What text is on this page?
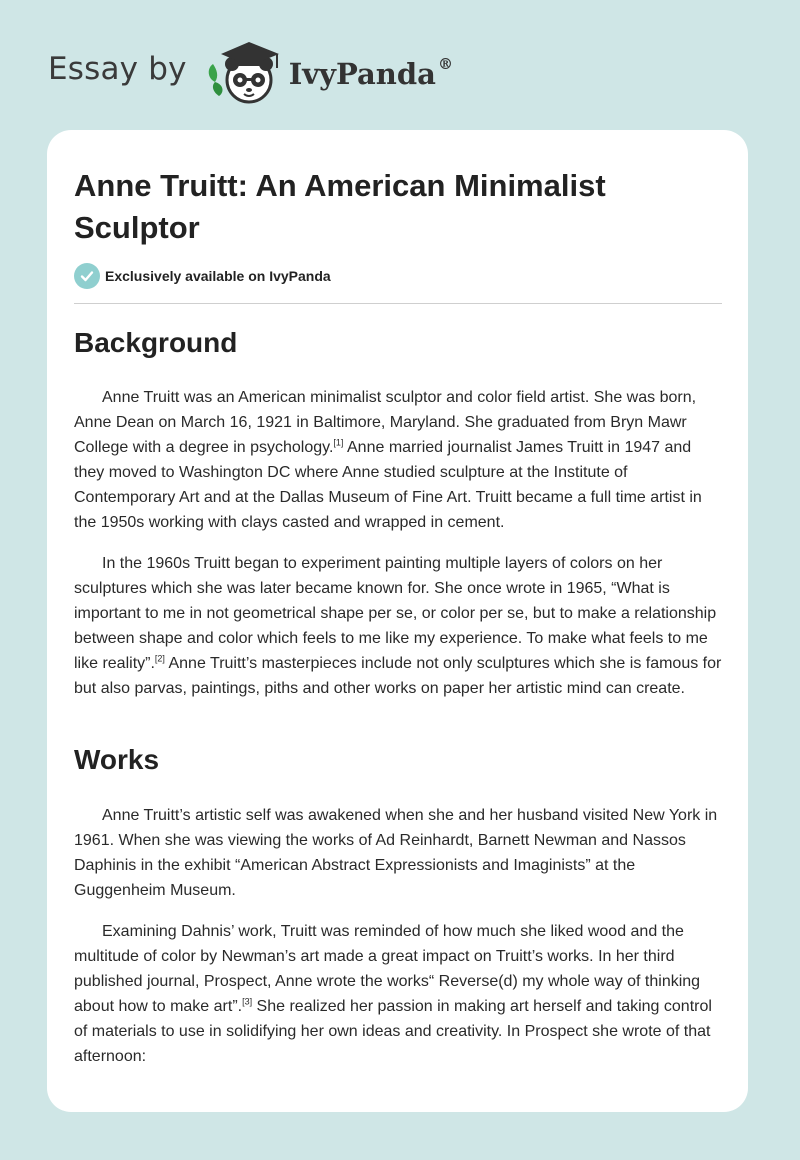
Essay by	IvyPanda ®
Anne Truitt: An American Minimalist Sculptor
Exclusively available on IvyPanda
Background

Anne Truitt was an American minimalist sculptor and color field artist. She was born, Anne Dean on March 16, 1921 in Baltimore, Maryland. She graduated from Bryn Mawr College with a degree in psychology.[1] Anne married journalist James Truitt in 1947 and they moved to Washington DC where Anne studied sculpture at the Institute of Contemporary Art and at the Dallas Museum of Fine Art. Truitt became a full time artist in the 1950s working with clays casted and wrapped in cement.

In the 1960s Truitt began to experiment painting multiple layers of colors on her sculptures which she was later became known for. She once wrote in 1965, “What is important to me in not geometrical shape per se, or color per se, but to make a relationship between shape and color which feels to me like my experience. To make what feels to me like reality”.[2] Anne Truitt’s masterpieces include not only sculptures which she is famous for but also parvas, paintings, piths and other works on paper her artistic mind can create.

Works

Anne Truitt’s artistic self was awakened when she and her husband visited New York in 1961. When she was viewing the works of Ad Reinhardt, Barnett Newman and Nassos Daphinis in the exhibit “American Abstract Expressionists and Imaginists” at the Guggenheim Museum.

Examining Dahnis’ work, Truitt was reminded of how much she liked wood and the multitude of color by Newman’s art made a great impact on Truitt’s works. In her third published journal, Prospect, Anne wrote the works“ Reverse(d) my whole way of thinking about how to make art”.[3] She realized her passion in making art herself and taking control of materials to use in solidifying her own ideas and creativity. In Prospect she wrote of that afternoon:
